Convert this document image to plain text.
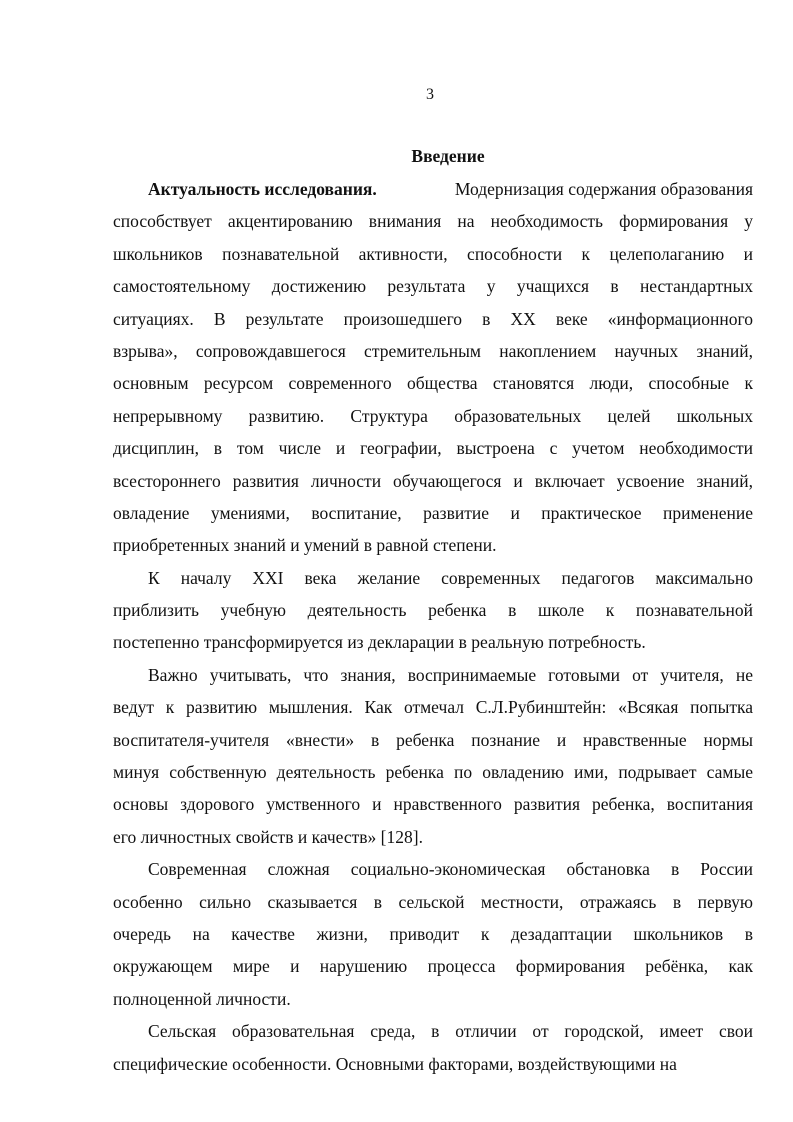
3
Введение
Актуальность исследования.	Модернизация содержания образования
способствует акцентированию внимания на необходимость формирования у
школьников познавательной активности, способности к целеполаганию и
самостоятельному достижению результата у учащихся в нестандартных
ситуациях. В результате произошедшего в XX веке «информационного
взрыва», сопровождавшегося стремительным накоплением научных знаний,
основным ресурсом современного общества становятся люди, способные к
непрерывному развитию. Структура образовательных целей школьных
дисциплин, в том числе и географии, выстроена с учетом необходимости
всестороннего развития личности обучающегося и включает усвоение знаний,
овладение умениями, воспитание, развитие и практическое применение
приобретенных знаний и умений в равной степени.
К началу XXI века желание современных педагогов максимально
приблизить учебную деятельность ребенка в школе к познавательной
постепенно трансформируется из декларации в реальную потребность.
Важно учитывать, что знания, воспринимаемые готовыми от учителя, не
ведут к развитию мышления. Как отмечал С.Л.Рубинштейн: «Всякая попытка
воспитателя-учителя «внести» в ребенка познание и нравственные нормы
минуя собственную деятельность ребенка по овладению ими, подрывает самые
основы здорового умственного и нравственного развития ребенка, воспитания
его личностных свойств и качеств» [128].
Современная сложная социально-экономическая обстановка в России
особенно сильно сказывается в сельской местности, отражаясь в первую
очередь на качестве жизни, приводит к дезадаптации школьников в
окружающем мире и нарушению процесса формирования ребёнка, как
полноценной личности.
Сельская образовательная среда, в отличии от городской, имеет свои
специфические особенности. Основными факторами, воздействующими на
